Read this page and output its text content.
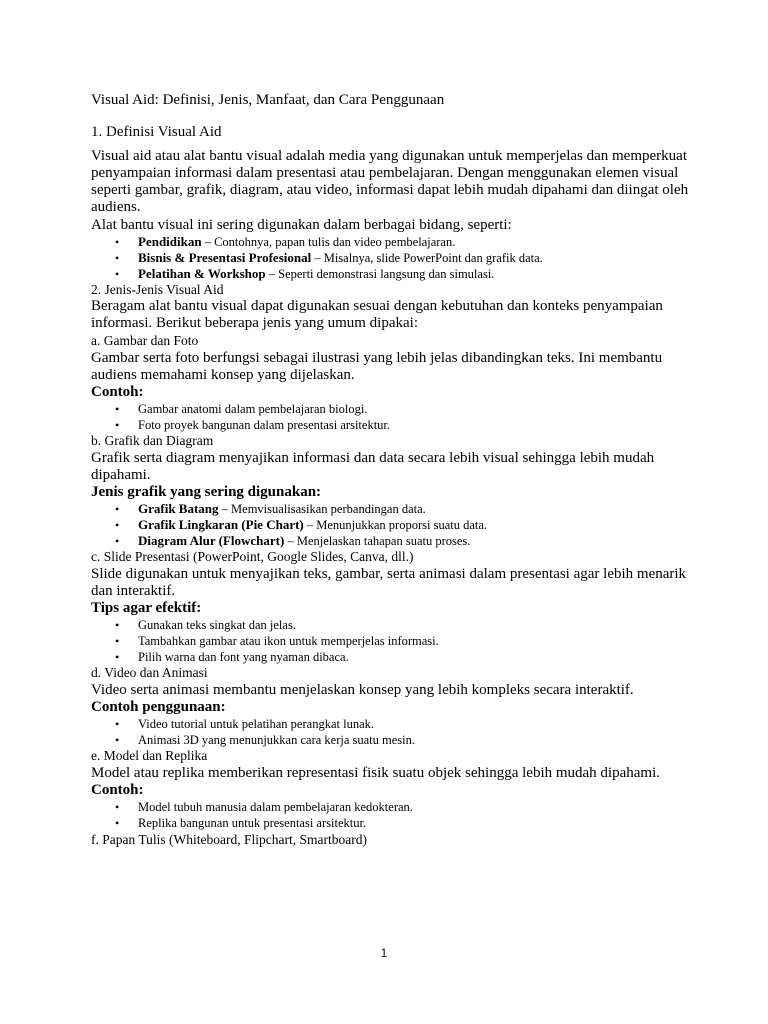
Visual Aid: Definisi, Jenis, Manfaat, dan Cara Penggunaan

1. Definisi Visual Aid

Visual aid atau alat bantu visual adalah media yang digunakan untuk memperjelas dan memperkuat penyampaian informasi dalam presentasi atau pembelajaran. Dengan menggunakan elemen visual seperti gambar, grafik, diagram, atau video, informasi dapat lebih mudah dipahami dan diingat oleh audiens.

Alat bantu visual ini sering digunakan dalam berbagai bidang, seperti:

• Pendidikan – Contohnya, papan tulis dan video pembelajaran.
• Bisnis & Presentasi Profesional – Misalnya, slide PowerPoint dan grafik data.
• Pelatihan & Workshop – Seperti demonstrasi langsung dan simulasi.

2. Jenis-Jenis Visual Aid

Beragam alat bantu visual dapat digunakan sesuai dengan kebutuhan dan konteks penyampaian informasi. Berikut beberapa jenis yang umum dipakai:

a. Gambar dan Foto

Gambar serta foto berfungsi sebagai ilustrasi yang lebih jelas dibandingkan teks. Ini membantu audiens memahami konsep yang dijelaskan.

Contoh:

• Gambar anatomi dalam pembelajaran biologi.
• Foto proyek bangunan dalam presentasi arsitektur.

b. Grafik dan Diagram

Grafik serta diagram menyajikan informasi dan data secara lebih visual sehingga lebih mudah dipahami.

Jenis grafik yang sering digunakan:

• Grafik Batang – Memvisualisasikan perbandingan data.
• Grafik Lingkaran (Pie Chart) – Menunjukkan proporsi suatu data.
• Diagram Alur (Flowchart) – Menjelaskan tahapan suatu proses.

c. Slide Presentasi (PowerPoint, Google Slides, Canva, dll.)

Slide digunakan untuk menyajikan teks, gambar, serta animasi dalam presentasi agar lebih menarik dan interaktif.

Tips agar efektif:

• Gunakan teks singkat dan jelas.
• Tambahkan gambar atau ikon untuk memperjelas informasi.
• Pilih warna dan font yang nyaman dibaca.

d. Video dan Animasi

Video serta animasi membantu menjelaskan konsep yang lebih kompleks secara interaktif.

Contoh penggunaan:

• Video tutorial untuk pelatihan perangkat lunak.
• Animasi 3D yang menunjukkan cara kerja suatu mesin.

e. Model dan Replika

Model atau replika memberikan representasi fisik suatu objek sehingga lebih mudah dipahami.

Contoh:

• Model tubuh manusia dalam pembelajaran kedokteran.
• Replika bangunan untuk presentasi arsitektur.

f. Papan Tulis (Whiteboard, Flipchart, Smartboard)

1
